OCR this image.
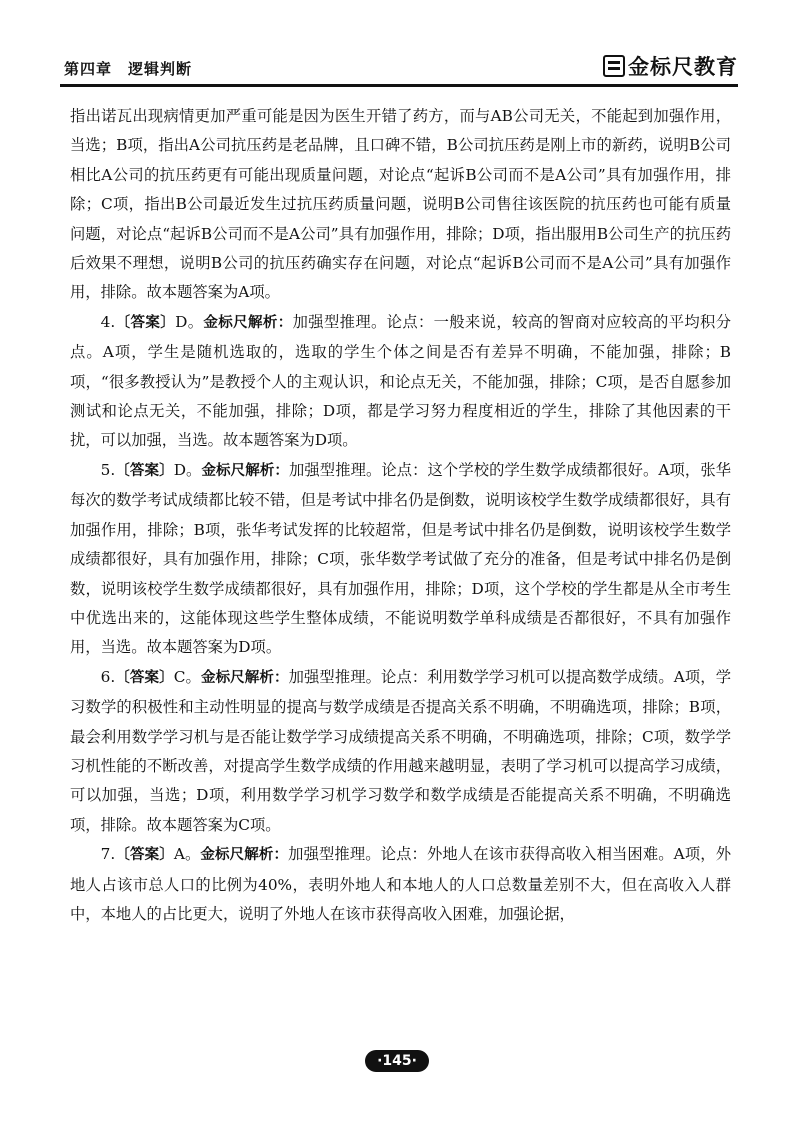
第四章　逻辑判断	金标尺教育

指出诺瓦出现病情更加严重可能是因为医生开错了药方，而与AB公司无关，不能起到加强作用，当选；B项，指出A公司抗压药是老品牌，且口碑不错，B公司抗压药是刚上市的新药，说明B公司相比A公司的抗压药更有可能出现质量问题，对论点“起诉B公司而不是A公司”具有加强作用，排除；C项，指出B公司最近发生过抗压药质量问题，说明B公司售往该医院的抗压药也可能有质量问题，对论点“起诉B公司而不是A公司”具有加强作用，排除；D项，指出服用B公司生产的抗压药后效果不理想，说明B公司的抗压药确实存在问题，对论点“起诉B公司而不是A公司”具有加强作用，排除。故本题答案为A项。

4.〔答案〕D。金标尺解析：加强型推理。论点：一般来说，较高的智商对应较高的平均积分点。A项，学生是随机选取的，选取的学生个体之间是否有差异不明确，不能加强，排除；B项，“很多教授认为”是教授个人的主观认识，和论点无关，不能加强，排除；C项，是否自愿参加测试和论点无关，不能加强，排除；D项，都是学习努力程度相近的学生，排除了其他因素的干扰，可以加强，当选。故本题答案为D项。

5.〔答案〕D。金标尺解析：加强型推理。论点：这个学校的学生数学成绩都很好。A项，张华每次的数学考试成绩都比较不错，但是考试中排名仍是倒数，说明该校学生数学成绩都很好，具有加强作用，排除；B项，张华考试发挥的比较超常，但是考试中排名仍是倒数，说明该校学生数学成绩都很好，具有加强作用，排除；C项，张华数学考试做了充分的准备，但是考试中排名仍是倒数，说明该校学生数学成绩都很好，具有加强作用，排除；D项，这个学校的学生都是从全市考生中优选出来的，这能体现这些学生整体成绩，不能说明数学单科成绩是否都很好，不具有加强作用，当选。故本题答案为D项。

6.〔答案〕C。金标尺解析：加强型推理。论点：利用数学学习机可以提高数学成绩。A项，学习数学的积极性和主动性明显的提高与数学成绩是否提高关系不明确，不明确选项，排除；B项，最会利用数学学习机与是否能让数学学习成绩提高关系不明确，不明确选项，排除；C项，数学学习机性能的不断改善，对提高学生数学成绩的作用越来越明显，表明了学习机可以提高学习成绩，可以加强，当选；D项，利用数学学习机学习数学和数学成绩是否能提高关系不明确，不明确选项，排除。故本题答案为C项。

7.〔答案〕A。金标尺解析：加强型推理。论点：外地人在该市获得高收入相当困难。A项，外地人占该市总人口的比例为40%，表明外地人和本地人的人口总数量差别不大，但在高收入人群中，本地人的占比更大，说明了外地人在该市获得高收入困难，加强论据，

·145·
